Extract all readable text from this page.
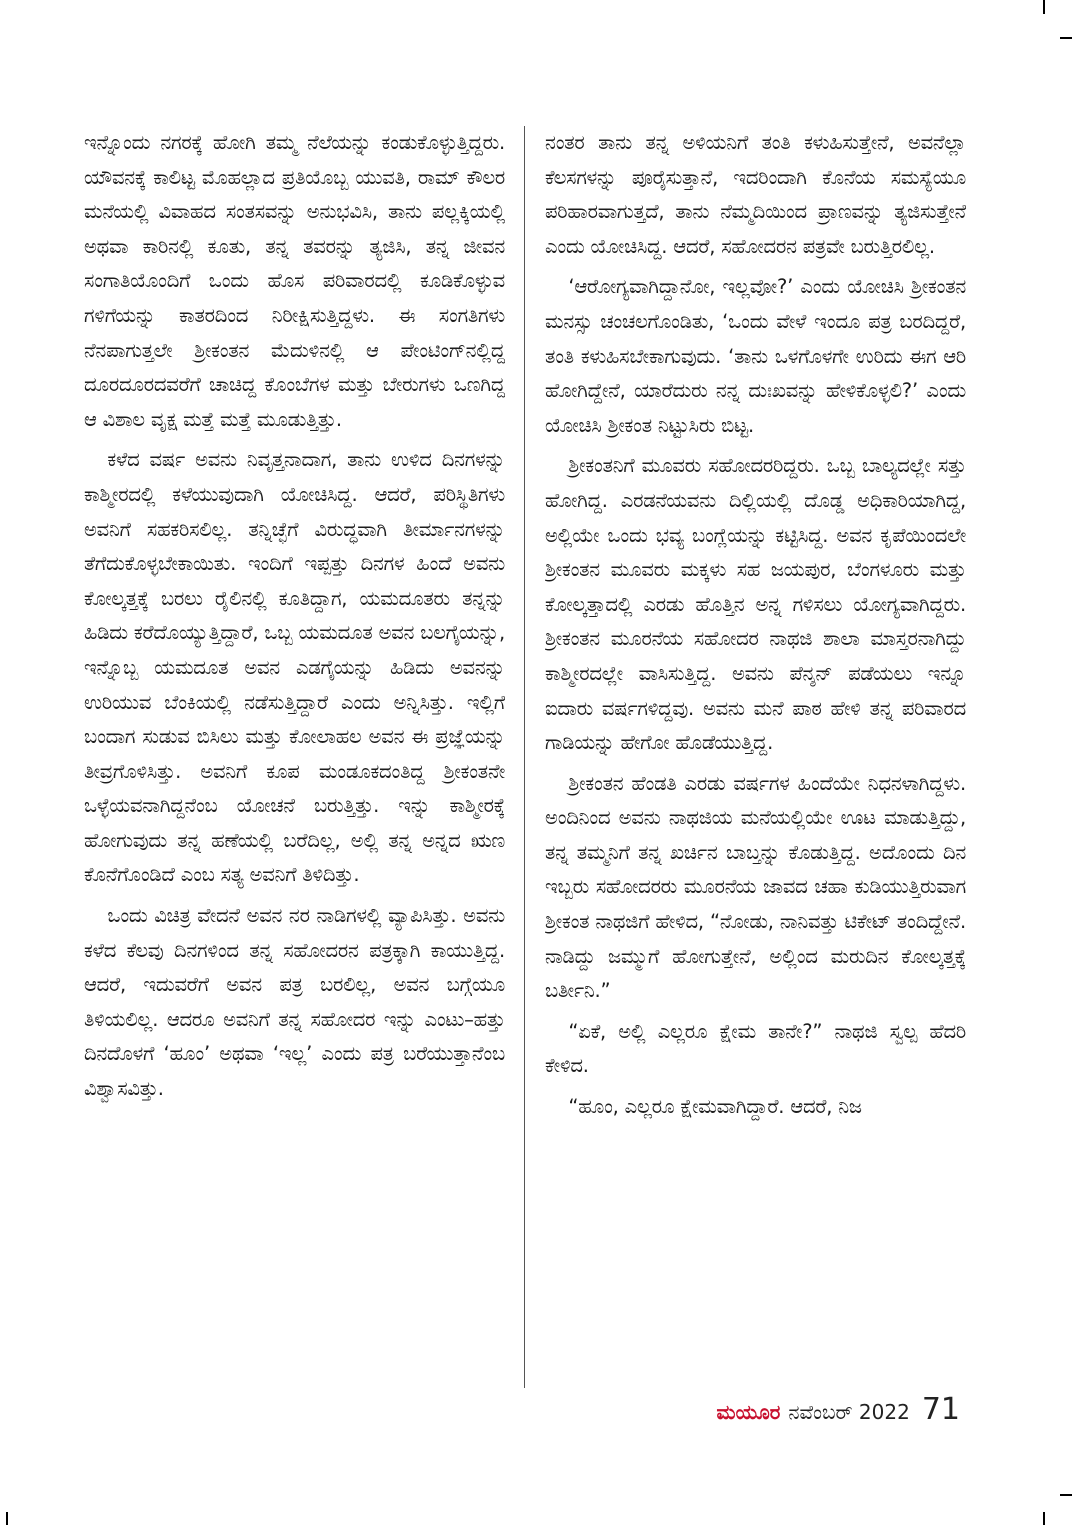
ಇನ್ನೊಂದು ನಗರಕ್ಕೆ ಹೋಗಿ ತಮ್ಮ ನೆಲೆಯನ್ನು ಕಂಡುಕೊಳ್ಳುತ್ತಿದ್ದರು. ಯೌವನಕ್ಕೆ ಕಾಲಿಟ್ಟ ಮೊಹಲ್ಲಾದ ಪ್ರತಿಯೊಬ್ಬ ಯುವತಿ, ರಾಮ್ ಕೌಲರ ಮನೆಯಲ್ಲಿ ವಿವಾಹದ ಸಂತಸವನ್ನು ಅನುಭವಿಸಿ, ತಾನು ಪಲ್ಲಕ್ಕಿಯಲ್ಲಿ ಅಥವಾ ಕಾರಿನಲ್ಲಿ ಕೂತು, ತನ್ನ ತವರನ್ನು ತ್ಯಜಿಸಿ, ತನ್ನ ಜೀವನ ಸಂಗಾತಿಯೊಂದಿಗೆ ಒಂದು ಹೊಸ ಪರಿವಾರದಲ್ಲಿ ಕೂಡಿಕೊಳ್ಳುವ ಗಳಿಗೆಯನ್ನು ಕಾತರದಿಂದ ನಿರೀಕ್ಷಿಸುತ್ತಿದ್ದಳು. ಈ ಸಂಗತಿಗಳು ನೆನಪಾಗುತ್ತಲೇ ಶ್ರೀಕಂತನ ಮೆದುಳಿನಲ್ಲಿ ಆ ಪೇಂಟಿಂಗ್‌ನಲ್ಲಿದ್ದ ದೂರದೂರದವರೆಗೆ ಚಾಚಿದ್ದ ಕೊಂಬೆಗಳ ಮತ್ತು ಬೇರುಗಳು ಒಣಗಿದ್ದ ಆ ವಿಶಾಲ ವೃಕ್ಷ ಮತ್ತೆ ಮತ್ತೆ ಮೂಡುತ್ತಿತ್ತು.

ಕಳೆದ ವರ್ಷ ಅವನು ನಿವೃತ್ತನಾದಾಗ, ತಾನು ಉಳಿದ ದಿನಗಳನ್ನು ಕಾಶ್ಮೀರದಲ್ಲಿ ಕಳೆಯುವುದಾಗಿ ಯೋಚಿಸಿದ್ದ. ಆದರೆ, ಪರಿಸ್ಥಿತಿಗಳು ಅವನಿಗೆ ಸಹಕರಿಸಲಿಲ್ಲ. ತನ್ನಿಚ್ಛೆಗೆ ವಿರುದ್ಧವಾಗಿ ತೀರ್ಮಾನಗಳನ್ನು ತೆಗೆದುಕೊಳ್ಳಬೇಕಾಯಿತು. ಇಂದಿಗೆ ಇಪ್ಪತ್ತು ದಿನಗಳ ಹಿಂದೆ ಅವನು ಕೋಲ್ಕತ್ತಕ್ಕೆ ಬರಲು ರೈಲಿನಲ್ಲಿ ಕೂತಿದ್ದಾಗ, ಯಮದೂತರು ತನ್ನನ್ನು ಹಿಡಿದು ಕರೆದೊಯ್ಯುತ್ತಿದ್ದಾರೆ, ಒಬ್ಬ ಯಮದೂತ ಅವನ ಬಲಗೈಯನ್ನು, ಇನ್ನೊಬ್ಬ ಯಮದೂತ ಅವನ ಎಡಗೈಯನ್ನು ಹಿಡಿದು ಅವನನ್ನು ಉರಿಯುವ ಬೆಂಕಿಯಲ್ಲಿ ನಡೆಸುತ್ತಿದ್ದಾರೆ ಎಂದು ಅನ್ನಿಸಿತ್ತು. ಇಲ್ಲಿಗೆ ಬಂದಾಗ ಸುಡುವ ಬಿಸಿಲು ಮತ್ತು ಕೋಲಾಹಲ ಅವನ ಈ ಪ್ರಜ್ಞೆಯನ್ನು ತೀವ್ರಗೊಳಿಸಿತ್ತು. ಅವನಿಗೆ ಕೂಪ ಮಂಡೂಕದಂತಿದ್ದ ಶ್ರೀಕಂತನೇ ಒಳ್ಳೆಯವನಾಗಿದ್ದನೆಂಬ ಯೋಚನೆ ಬರುತ್ತಿತ್ತು. ಇನ್ನು ಕಾಶ್ಮೀರಕ್ಕೆ ಹೋಗುವುದು ತನ್ನ ಹಣೆಯಲ್ಲಿ ಬರೆದಿಲ್ಲ, ಅಲ್ಲಿ ತನ್ನ ಅನ್ನದ ಋಣ ಕೊನೆಗೊಂಡಿದೆ ಎಂಬ ಸತ್ಯ ಅವನಿಗೆ ತಿಳಿದಿತ್ತು.

ಒಂದು ವಿಚಿತ್ರ ವೇದನೆ ಅವನ ನರ ನಾಡಿಗಳಲ್ಲಿ ವ್ಯಾಪಿಸಿತ್ತು. ಅವನು ಕಳೆದ ಕೆಲವು ದಿನಗಳಿಂದ ತನ್ನ ಸಹೋದರನ ಪತ್ರಕ್ಕಾಗಿ ಕಾಯುತ್ತಿದ್ದ. ಆದರೆ, ಇದುವರೆಗೆ ಅವನ ಪತ್ರ ಬರಲಿಲ್ಲ, ಅವನ ಬಗ್ಗೆಯೂ ತಿಳಿಯಲಿಲ್ಲ. ಆದರೂ ಅವನಿಗೆ ತನ್ನ ಸಹೋದರ ಇನ್ನು ಎಂಟು–ಹತ್ತು ದಿನದೊಳಗೆ ‘ಹೂಂ’ ಅಥವಾ ‘ಇಲ್ಲ’ ಎಂದು ಪತ್ರ ಬರೆಯುತ್ತಾನೆಂಬ ವಿಶ್ವಾಸವಿತ್ತು.

ನಂತರ ತಾನು ತನ್ನ ಅಳಿಯನಿಗೆ ತಂತಿ ಕಳುಹಿಸುತ್ತೇನೆ, ಅವನೆಲ್ಲಾ ಕೆಲಸಗಳನ್ನು ಪೂರೈಸುತ್ತಾನೆ, ಇದರಿಂದಾಗಿ ಕೊನೆಯ ಸಮಸ್ಯೆಯೂ ಪರಿಹಾರವಾಗುತ್ತದೆ, ತಾನು ನೆಮ್ಮದಿಯಿಂದ ಪ್ರಾಣವನ್ನು ತ್ಯಜಿಸುತ್ತೇನೆ ಎಂದು ಯೋಚಿಸಿದ್ದ. ಆದರೆ, ಸಹೋದರನ ಪತ್ರವೇ ಬರುತ್ತಿರಲಿಲ್ಲ.

‘ಆರೋಗ್ಯವಾಗಿದ್ದಾನೋ, ಇಲ್ಲವೋ?’ ಎಂದು ಯೋಚಿಸಿ ಶ್ರೀಕಂತನ ಮನಸ್ಸು ಚಂಚಲಗೊಂಡಿತು, ‘ಒಂದು ವೇಳೆ ಇಂದೂ ಪತ್ರ ಬರದಿದ್ದರೆ, ತಂತಿ ಕಳುಹಿಸಬೇಕಾಗುವುದು. ‘ತಾನು ಒಳಗೊಳಗೇ ಉರಿದು ಈಗ ಆರಿ ಹೋಗಿದ್ದೇನೆ, ಯಾರೆದುರು ನನ್ನ ದುಃಖವನ್ನು ಹೇಳಿಕೊಳ್ಳಲಿ?’ ಎಂದು ಯೋಚಿಸಿ ಶ್ರೀಕಂತ ನಿಟ್ಟುಸಿರು ಬಿಟ್ಟ.

ಶ್ರೀಕಂತನಿಗೆ ಮೂವರು ಸಹೋದರರಿದ್ದರು. ಒಬ್ಬ ಬಾಲ್ಯದಲ್ಲೇ ಸತ್ತು ಹೋಗಿದ್ದ. ಎರಡನೆಯವನು ದಿಲ್ಲಿಯಲ್ಲಿ ದೊಡ್ಡ ಅಧಿಕಾರಿಯಾಗಿದ್ದ, ಅಲ್ಲಿಯೇ ಒಂದು ಭವ್ಯ ಬಂಗ್ಲೆಯನ್ನು ಕಟ್ಟಿಸಿದ್ದ. ಅವನ ಕೃಪೆಯಿಂದಲೇ ಶ್ರೀಕಂತನ ಮೂವರು ಮಕ್ಕಳು ಸಹ ಜಯಪುರ, ಬೆಂಗಳೂರು ಮತ್ತು ಕೋಲ್ಕತ್ತಾದಲ್ಲಿ ಎರಡು ಹೊತ್ತಿನ ಅನ್ನ ಗಳಿಸಲು ಯೋಗ್ಯವಾಗಿದ್ದರು. ಶ್ರೀಕಂತನ ಮೂರನೆಯ ಸಹೋದರ ನಾಥಜಿ ಶಾಲಾ ಮಾಸ್ತರನಾಗಿದ್ದು ಕಾಶ್ಮೀರದಲ್ಲೇ ವಾಸಿಸುತ್ತಿದ್ದ. ಅವನು ಪೆನ್ಶನ್ ಪಡೆಯಲು ಇನ್ನೂ ಐದಾರು ವರ್ಷಗಳಿದ್ದವು. ಅವನು ಮನೆ ಪಾಠ ಹೇಳಿ ತನ್ನ ಪರಿವಾರದ ಗಾಡಿಯನ್ನು ಹೇಗೋ ಹೊಡೆಯುತ್ತಿದ್ದ.

ಶ್ರೀಕಂತನ ಹೆಂಡತಿ ಎರಡು ವರ್ಷಗಳ ಹಿಂದೆಯೇ ನಿಧನಳಾಗಿದ್ದಳು. ಅಂದಿನಿಂದ ಅವನು ನಾಥಜಿಯ ಮನೆಯಲ್ಲಿಯೇ ಊಟ ಮಾಡುತ್ತಿದ್ದು, ತನ್ನ ತಮ್ಮನಿಗೆ ತನ್ನ ಖರ್ಚಿನ ಬಾಬ್ತನ್ನು ಕೊಡುತ್ತಿದ್ದ. ಅದೊಂದು ದಿನ ಇಬ್ಬರು ಸಹೋದರರು ಮೂರನೆಯ ಜಾವದ ಚಹಾ ಕುಡಿಯುತ್ತಿರುವಾಗ ಶ್ರೀಕಂತ ನಾಥಜಿಗೆ ಹೇಳಿದ, “ನೋಡು, ನಾನಿವತ್ತು ಟಿಕೇಟ್ ತಂದಿದ್ದೇನೆ. ನಾಡಿದ್ದು ಜಮ್ಮುಗೆ ಹೋಗುತ್ತೇನೆ, ಅಲ್ಲಿಂದ ಮರುದಿನ ಕೋಲ್ಕತ್ತಕ್ಕೆ ಬರ್ತೀನಿ.”

“ಏಕೆ, ಅಲ್ಲಿ ಎಲ್ಲರೂ ಕ್ಷೇಮ ತಾನೇ?” ನಾಥಜಿ ಸ್ವಲ್ಪ ಹೆದರಿ ಕೇಳಿದ.

“ಹೂಂ, ಎಲ್ಲರೂ ಕ್ಷೇಮವಾಗಿದ್ದಾರೆ. ಆದರೆ, ನಿಜ

ಮಯೂರ ನವೆಂಬರ್ 2022 71
